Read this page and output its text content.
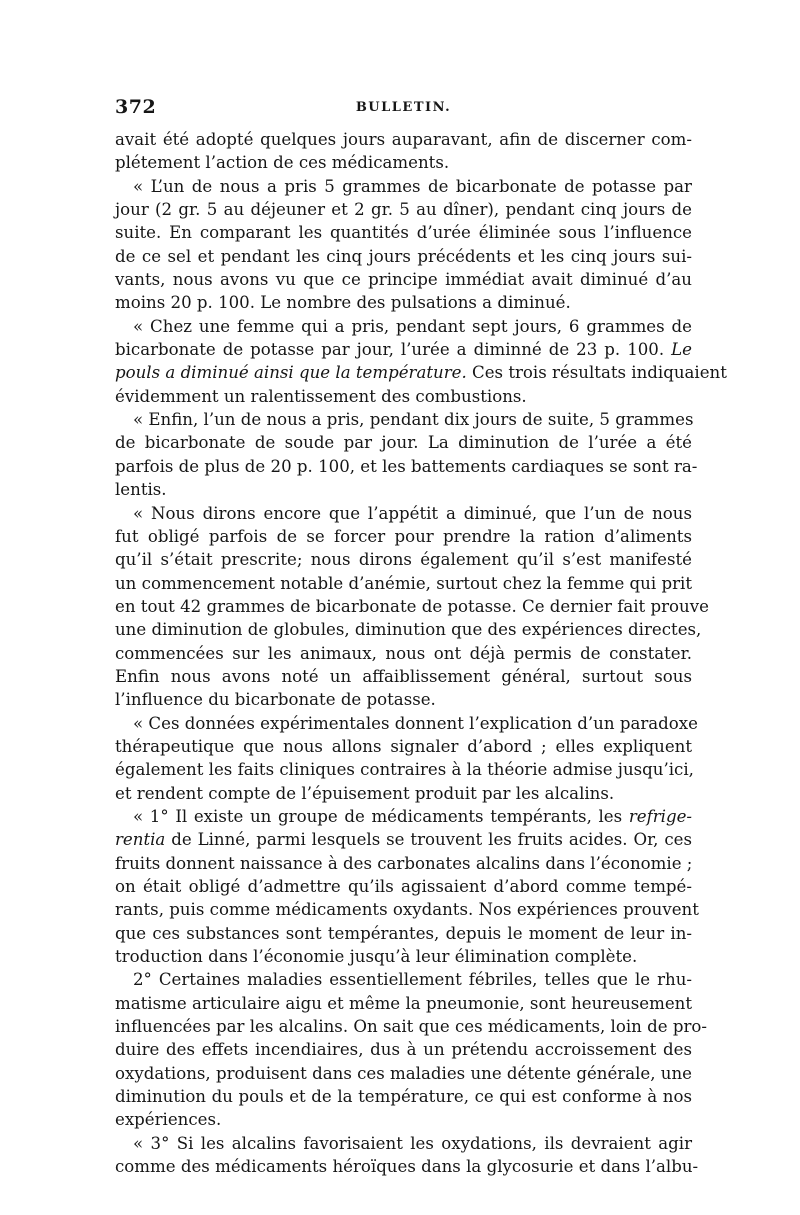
372	BULLETIN.
avait été adopté quelques jours auparavant, afin de discerner com-
plétement l’action de ces médicaments.
« L’un de nous a pris 5 grammes de bicarbonate de potasse par
jour (2 gr. 5 au déjeuner et 2 gr. 5 au dîner), pendant cinq jours de
suite. En comparant les quantités d’urée éliminée sous l’influence
de ce sel et pendant les cinq jours précédents et les cinq jours sui-
vants, nous avons vu que ce principe immédiat avait diminué d’au
moins 20 p. 100. Le nombre des pulsations a diminué.
« Chez une femme qui a pris, pendant sept jours, 6 grammes de
bicarbonate de potasse par jour, l’urée a diminné de 23 p. 100. Le
pouls a diminué ainsi que la température. Ces trois résultats indiquaient
évidemment un ralentissement des combustions.
« Enfin, l’un de nous a pris, pendant dix jours de suite, 5 grammes
de bicarbonate de soude par jour. La diminution de l’urée a été
parfois de plus de 20 p. 100, et les battements cardiaques se sont ra-
lentis.
« Nous dirons encore que l’appétit a diminué, que l’un de nous
fut obligé parfois de se forcer pour prendre la ration d’aliments
qu’il s’était prescrite; nous dirons également qu’il s’est manifesté
un commencement notable d’anémie, surtout chez la femme qui prit
en tout 42 grammes de bicarbonate de potasse. Ce dernier fait prouve
une diminution de globules, diminution que des expériences directes,
commencées sur les animaux, nous ont déjà permis de constater.
Enfin nous avons noté un affaiblissement général, surtout sous
l’influence du bicarbonate de potasse.
« Ces données expérimentales donnent l’explication d’un paradoxe
thérapeutique que nous allons signaler d’abord ; elles expliquent
également les faits cliniques contraires à la théorie admise jusqu’ici,
et rendent compte de l’épuisement produit par les alcalins.
« 1° Il existe un groupe de médicaments tempérants, les refrige-
rentia de Linné, parmi lesquels se trouvent les fruits acides. Or, ces
fruits donnent naissance à des carbonates alcalins dans l’économie ;
on était obligé d’admettre qu’ils agissaient d’abord comme tempé-
rants, puis comme médicaments oxydants. Nos expériences prouvent
que ces substances sont tempérantes, depuis le moment de leur in-
troduction dans l’économie jusqu’à leur élimination complète.
2° Certaines maladies essentiellement fébriles, telles que le rhu-
matisme articulaire aigu et même la pneumonie, sont heureusement
influencées par les alcalins. On sait que ces médicaments, loin de pro-
duire des effets incendiaires, dus à un prétendu accroissement des
oxydations, produisent dans ces maladies une détente générale, une
diminution du pouls et de la température, ce qui est conforme à nos
expériences.
« 3° Si les alcalins favorisaient les oxydations, ils devraient agir
comme des médicaments héroïques dans la glycosurie et dans l’albu-
